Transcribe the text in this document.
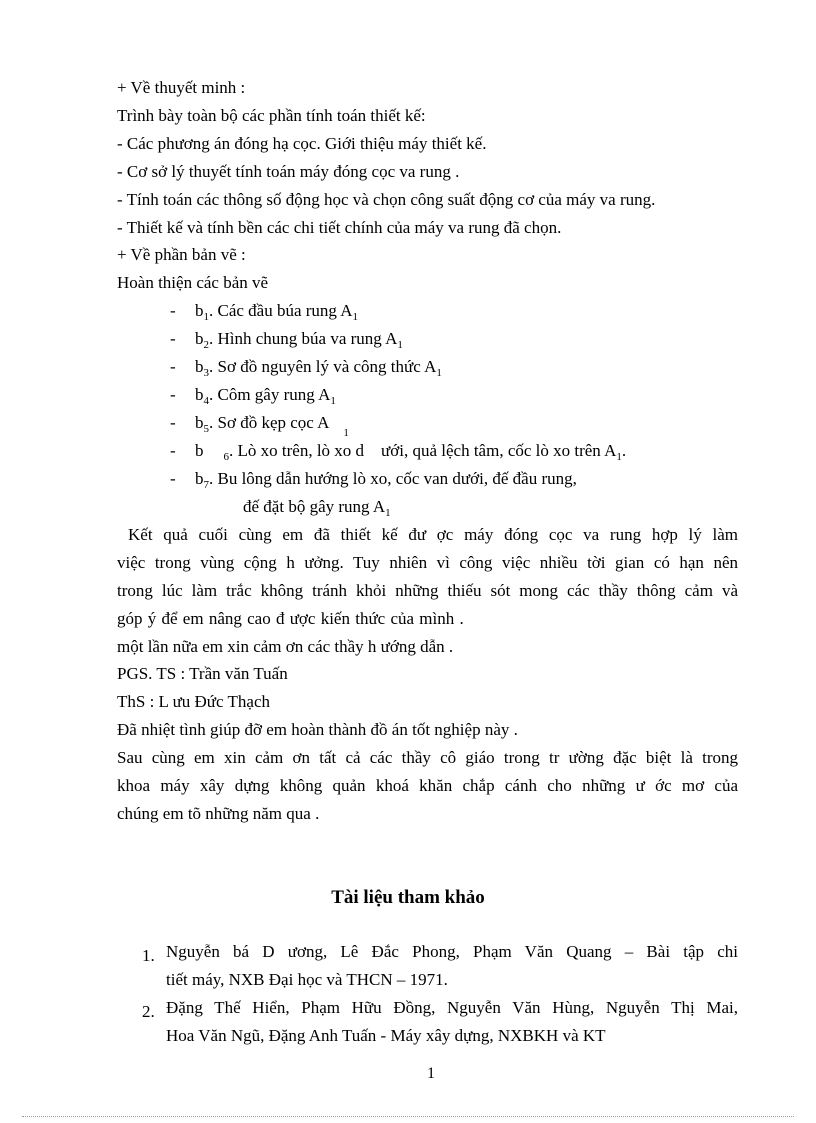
+ Về thuyết minh :
Trình bày toàn bộ các phần tính toán thiết kế:
- Các phương án đóng hạ cọc. Giới thiệu máy thiết kế.
- Cơ sở lý thuyết tính toán máy đóng cọc va rung .
- Tính toán các thông số động học và chọn công suất động cơ của máy va rung.
- Thiết kế và tính bền các chi tiết chính của máy va rung đã chọn.
+ Về phần bản vẽ :
Hoàn thiện các bản vẽ
- $b_1$. Các đầu búa rung $A_1$
- $b_2$. Hình chung búa va rung $A_1$
- $b_3$. Sơ đồ nguyên lý và công thức $A_1$
- $b_4$. Côm gây rung $A_1$
- $b_5$. Sơ đồ kẹp cọc $A_1$
- b $_6$. Lò xo trên, lò xo d    ưới, quả lệch tâm, cốc lò xo trên $A_1$.
- $b_7$. Bu lông dẫn hướng lò xo, cốc van dưới, đế đầu rung,
đế đặt bộ gây rung $A_1$
Kết quả cuối cùng em đã thiết kế đư ợc máy đóng cọc va rung hợp lý làm
việc trong vùng cộng h ưởng. Tuy nhiên vì công việc nhiều tời gian có hạn nên
trong lúc làm trắc không tránh khỏi những thiếu sót mong các thầy thông cảm và
góp ý để em nâng cao đ ược kiến thức của mình .
một lần nữa em xin cảm ơn các thầy h ướng dẫn .
PGS. TS : Trần văn Tuấn
ThS : L ưu Đức Thạch
Đã nhiệt tình giúp đỡ em hoàn thành đồ án tốt nghiệp này .
Sau cùng em xin cảm ơn tất cả các thầy cô giáo trong tr ường đặc biệt là trong
khoa máy xây dựng không quản khoá khăn chắp cánh cho những ư ớc mơ của
chúng em tõ những năm qua .
Tài liệu tham khảo
1. Nguyễn bá D ương, Lê Đắc Phong, Phạm Văn Quang – Bài tập chi
tiết máy, NXB Đại học và THCN – 1971.
2. Đặng Thế Hiển, Phạm Hữu Đồng, Nguyễn Văn Hùng, Nguyễn Thị Mai,
Hoa Văn Ngũ, Đặng Anh Tuấn - Máy xây dựng, NXBKH và KT
1
